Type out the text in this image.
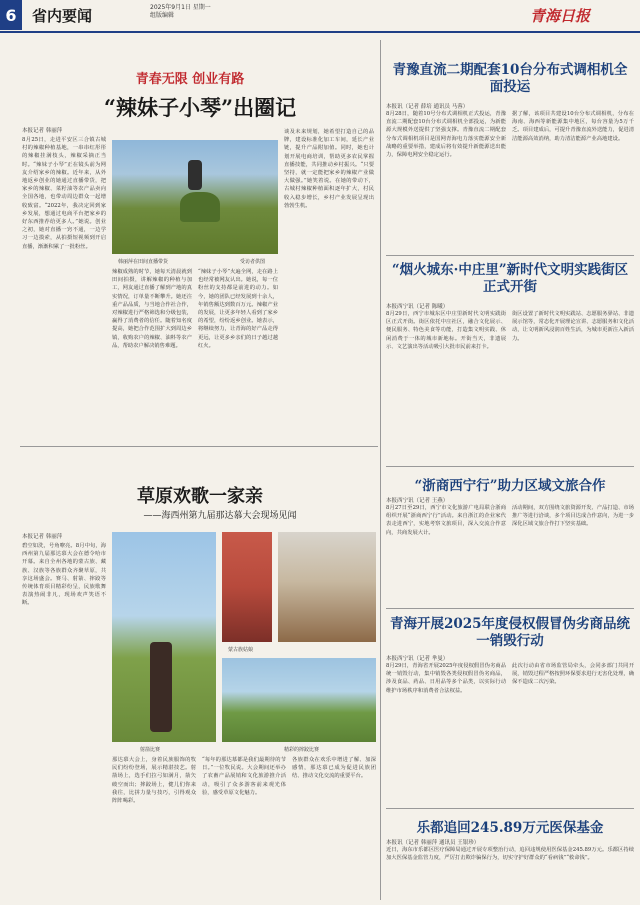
6	省内要闻	2025年9月1日 星期一
组版编辑	青海日报
青春无限 创业有路
“辣妹子小琴”出圈记
本报记者 韩丽萍
8月25日，走进平安区三合镇古城村的辣椒种植基地，一串串红彤彤的辣椒挂满枝头，辣椒采摘正当时。“辣妹子小琴”正在镜头前为网友介绍家乡的辣椒。近年来，从外地返乡创业的她通过直播带货，把家乡的辣椒、菜籽油等农产品卖向全国各地，也带动周边群众一起增收致富。“2022年，我决定回到家乡发展，想通过电商平台把家乡的好东西推荐给更多人。”她说。创业之初，她对直播一窍不通，一边学习一边摸索，从拍摄短视频到开启直播，渐渐积累了一批粉丝。
韩丽萍在田间直播带货	受访者供图
辣椒成熟的时节，她每天清晨就到田间拍摄，讲解辣椒的种植与加工，网友通过直播了解到产地的真实情况，订单量不断攀升。她还注重产品品质，与当地合作社合作，对辣椒进行严格筛选和分级包装，赢得了消费者的信任。随着知名度提高，她把合作范围扩大到周边乡镇，收购农户的辣椒、油料等农产品，帮助农户解决销售难题。
“辣妹子小琴”火遍全网，走在路上也经常被网友认出。她说，每一位粉丝的支持都是前进的动力。如今，她的团队已经发展到十余人，年销售额达到数百万元。辣椒产业的发展，让更多年轻人看到了家乡的希望，纷纷返乡创业。她表示，将继续努力，让青海的好产品走得更远，让更多乡亲们的日子越过越红火。
谈及未来规划，她希望打造自己的品牌，建设标准化加工车间，延长产业链，提升产品附加值。同时，她也计划开展电商培训，帮助更多农民掌握直播技能，共同推动乡村振兴。“只要坚持，就一定能把家乡的辣椒产业做大做强。”她笑着说。在她的带动下，古城村辣椒种植面积逐年扩大，村民收入稳步增长，乡村产业发展呈现出勃勃生机。
草原欢歌一家亲
——海西州第九届那达慕大会现场见闻
本报记者 韩丽萍
碧空如洗，号角嘹亮。8月中旬，海西州第九届那达慕大会在德令哈市开幕。来自全州各地的蒙古族、藏族、汉族等各族群众齐聚草原，共享这场盛会。赛马、射箭、摔跤等传统体育项目精彩纷呈，民族歌舞表演热闹非凡，现场欢声笑语不断。
蒙古族姑娘
射箭比赛	精彩的摔跤比赛
那达慕大会上，身着民族服饰的牧民们纷纷登场，展示精湛技艺。射箭场上，选手们拉弓如满月，箭矢破空而出；摔跤场上，健儿们你来我往，比拼力量与技巧，引得观众阵阵喝彩。
“每年的那达慕都是我们最期待的节日。”一位牧民说。大会期间还举办了农畜产品展销和文化旅游推介活动，吸引了众多游客前来观光体验，感受草原文化魅力。
各族群众在欢乐中增进了解、加深感情，那达慕已成为促进民族团结、推动文化交流的重要平台。
青豫直流二期配套10台分布式调相机全面投运
本报讯（记者 薛培 通讯员 马蓉）
8月28日，随着10号分布式调相机正式投运，青豫直流二期配套10台分布式调相机全部投运，为新能源大规模外送提供了坚强支撑。青豫直流二期配套分布式调相机项目是国网青海电力落实能源安全新战略的重要举措，建成后将有效提升新能源送出能力，保障电网安全稳定运行。
据了解，该项目共建设10台分布式调相机，分布在海南、海西等新能源集中地区，每台容量为5万千乏。项目建成后，可提升青豫直流外送能力，促进清洁能源高效消纳，助力清洁能源产业高地建设。
“烟火城东·中庄里”新时代文明实践街区正式开街
本报西宁讯（记者 陈曦）
8月29日，西宁市城东区中庄里新时代文明实践街区正式开街。街区依托中庄社区，融合文化展示、便民服务、特色美食等功能，打造集文明实践、休闲消费于一体的城市新地标。开街当天，非遗展示、文艺演出等活动吸引大批市民前来打卡。
街区设置了新时代文明实践站、志愿服务驿站、非遗展示馆等，常态化开展理论宣讲、志愿服务和文化活动，让文明新风浸润百姓生活，为城市更新注入新活力。
“浙商西宁行”助力区域文旅合作
本报西宁讯（记者 王燕）
8月27日至29日，西宁市文化旅游广电局联合浙商组织开展“浙商西宁行”活动。来自浙江的企业家代表走进西宁，实地考察文旅项目，深入交流合作意向，共商发展大计。
活动期间，双方围绕文旅资源开发、产品打造、市场推广等进行洽谈，多个项目达成合作意向，为进一步深化区域文旅合作打下坚实基础。
青海开展2025年度侵权假冒伪劣商品统一销毁行动
本报西宁讯（记者 芈曼）
8月29日，青海省开展2025年度侵权假冒伪劣商品统一销毁行动，集中销毁各类侵权假冒伪劣商品，涉及食品、药品、日用品等多个品类，以实际行动维护市场秩序和消费者合法权益。
此次行动由省市场监管局牵头，会同多部门共同开展，销毁过程严格按照环保要求进行无害化处理，确保不造成二次污染。
乐都追回245.89万元医保基金
本报讯（记者 韩丽萍 通讯员 王银珍）
近日，海东市乐都区医疗保障局通过开展专项整治行动，追回违规使用医保基金245.89万元。乐都区持续加大医保基金监管力度，严厉打击欺诈骗保行为，切实守护好群众的“看病钱”“救命钱”。
